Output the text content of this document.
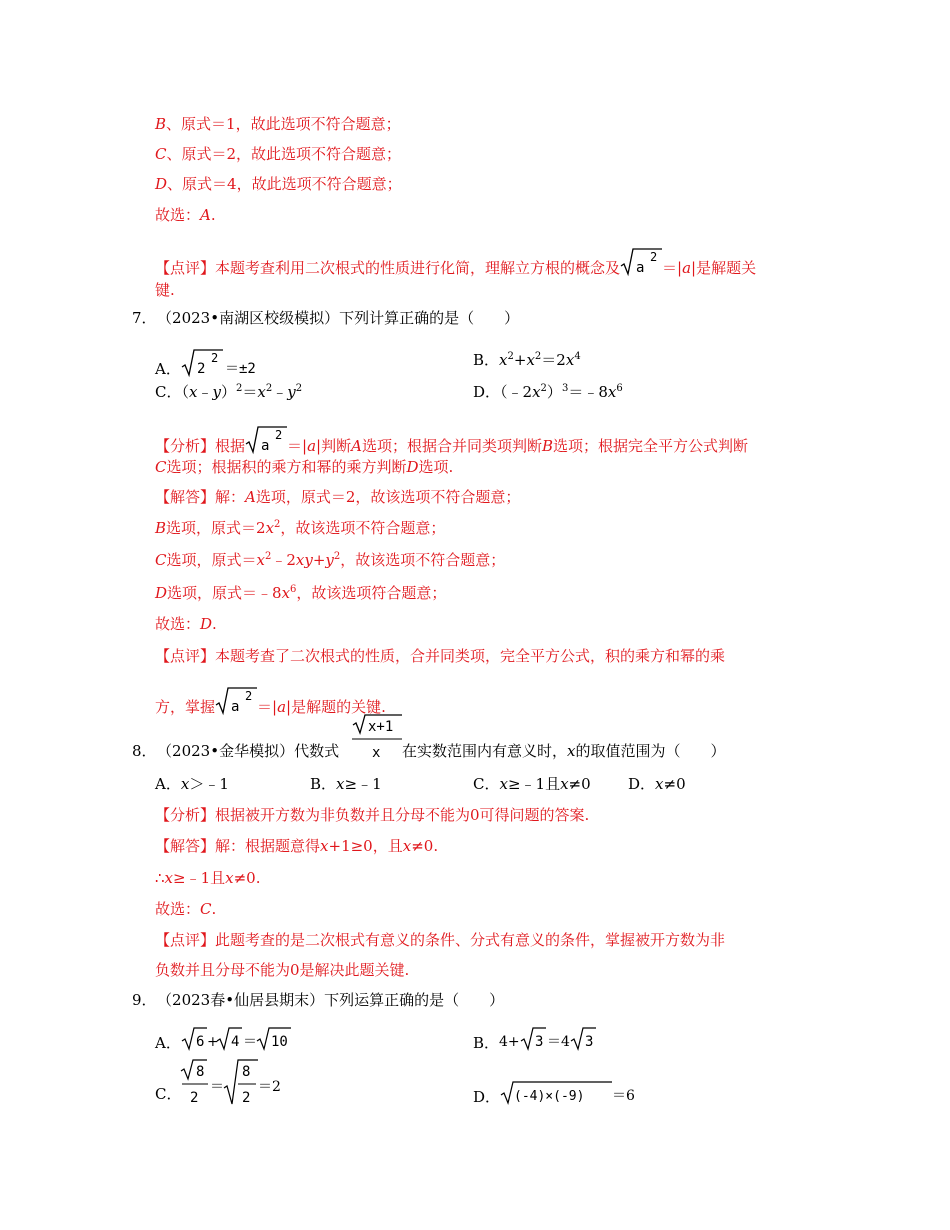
B、原式＝1，故此选项不符合题意；
C、原式＝2，故此选项不符合题意；
D、原式＝4，故此选项不符合题意；
故选：A.
【点评】本题考查利用二次根式的性质进行化简，理解立方根的概念及 a
2
＝|a|是解题关
键.
7． （2023•南湖区校级模拟）下列计算正确的是（　　）
A． 2
2
＝±2	B．$x^2+x^2=2x^4$
C．$(x﹣y)^2=x^2﹣y^2$	D．$(﹣2x^2)^3=﹣8x^6$
【分析】根据 a
2
＝|a|判断A选项；根据合并同类项判断B选项；根据完全平方公式判断
C选项；根据积的乘方和幂的乘方判断D选项.
【解答】解：A选项，原式＝2，故该选项不符合题意；
B选项，原式$=2x^2$，故该选项不符合题意；
C选项，原式$=x^2﹣2xy+y^2$，故该选项不符合题意；
D选项，原式$=﹣8x^6$，故该选项符合题意；
故选：D.
【点评】本题考查了二次根式的性质，合并同类项，完全平方公式，积的乘方和幂的乘
方，掌握 a
2
＝|a|是解题的关键.
8． （2023•金华模拟）代数式
x+1
x 在实数范围内有意义时，x的取值范围为（　　）
A．x＞﹣1	B．x≥﹣1	C．x≥﹣1且x≠0 D．x≠0
【分析】根据被开方数为非负数并且分母不能为0可得问题的答案.
【解答】解：根据题意得x+1≥0，且x≠0.
∴x≥﹣1且x≠0.
故选：C.
【点评】此题考查的是二次根式有意义的条件、分式有意义的条件，掌握被开方数为非
负数并且分母不能为0是解决此题关键.
9． （2023春•仙居县期末）下列运算正确的是（　　）
A． 6 + 4 ＝ 10	B． 4+ 3 ＝4 3
C．
8
2
＝
8
2
＝2
D． (-4)×(-9) ＝6
